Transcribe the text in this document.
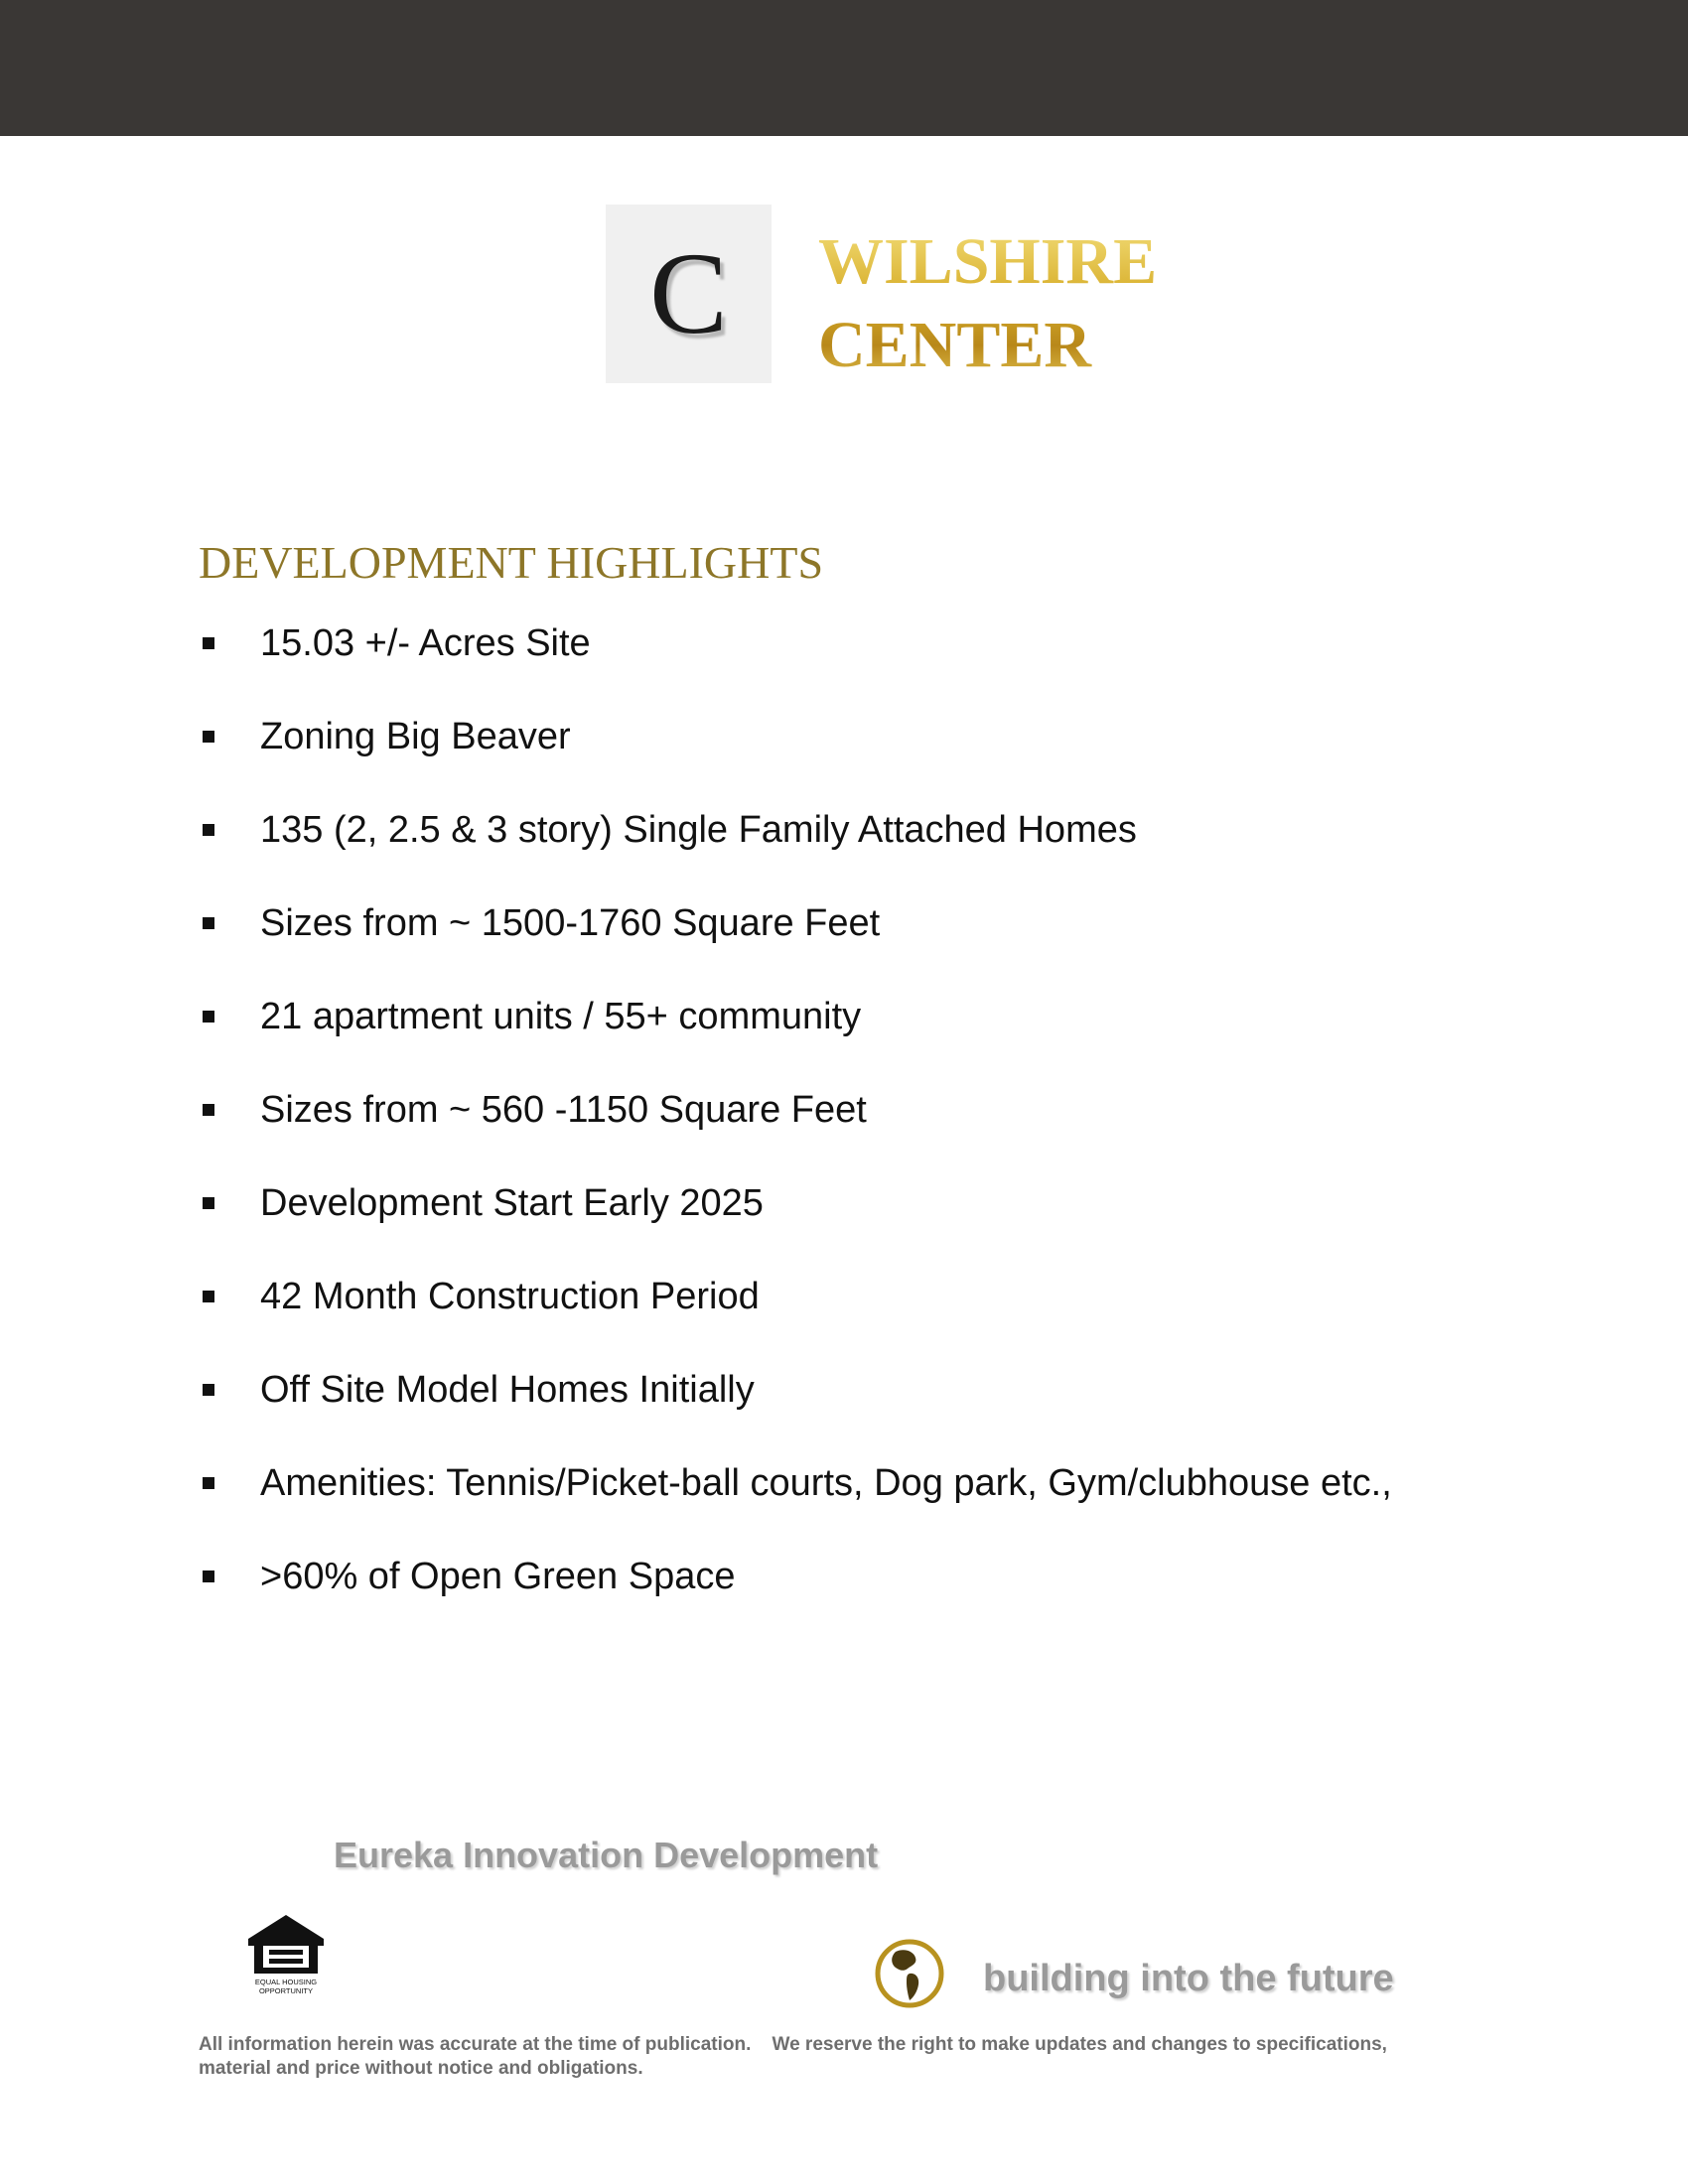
C	WILSHIRE
CENTER
DEVELOPMENT HIGHLIGHTS
15.03 +/- Acres Site
Zoning Big Beaver
135 (2, 2.5 & 3 story) Single Family Attached Homes
Sizes from ~ 1500-1760 Square Feet
21 apartment units / 55+ community
Sizes from ~ 560 -1150 Square Feet
Development Start Early 2025
42 Month Construction Period
Off Site Model Homes Initially
Amenities: Tennis/Picket-ball courts, Dog park, Gym/clubhouse etc.,
>60% of Open Green Space
Eureka Innovation Development
EQUAL HOUSING
OPPORTUNITY	building into the future
All information herein was accurate at the time of publication.    We reserve the right to make updates and changes to specifications, material and price without notice and obligations.
